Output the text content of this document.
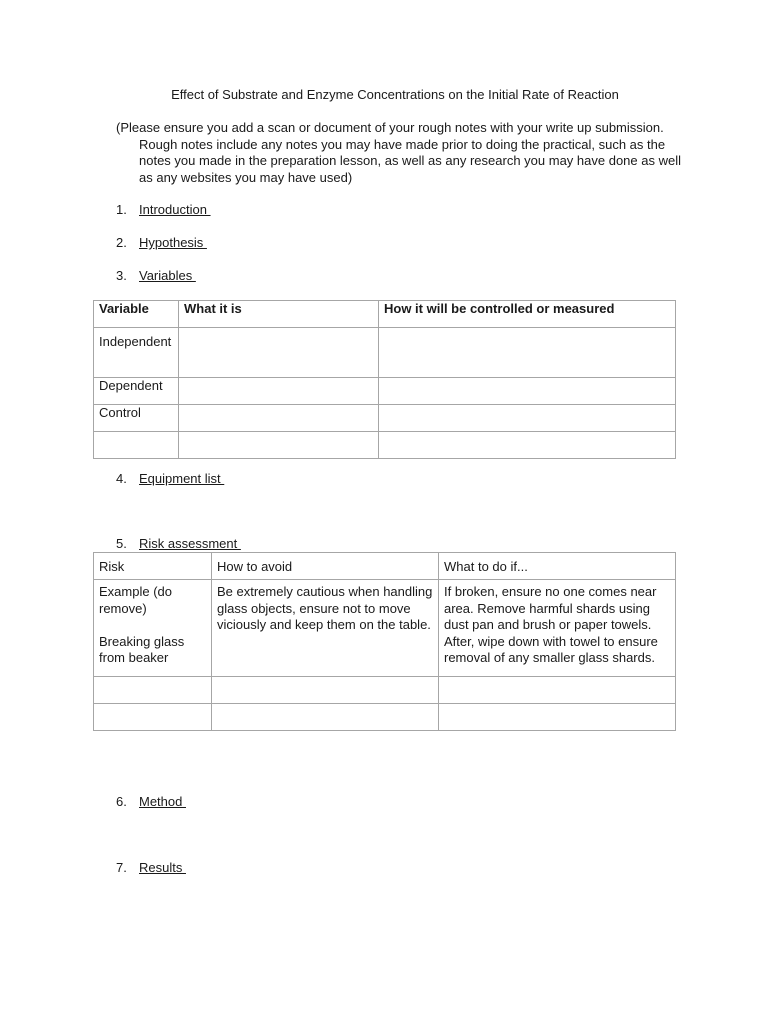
Effect of Substrate and Enzyme Concentrations on the Initial Rate of Reaction
(Please ensure you add a scan or document of your rough notes with your write up submission.
Rough notes include any notes you may have made prior to doing the practical, such as the notes you made in the preparation lesson, as well as any research you may have done as well as any websites you may have used)
1. Introduction
2. Hypothesis
3. Variables
Variable	What it is	How it will be controlled or measured
Independent		
Dependent		
Control		

4. Equipment list
5. Risk assessment
Risk	How to avoid	What to do if...
Example (do remove)
Breaking glass from beaker	Be extremely cautious when handling glass objects, ensure not to move viciously and keep them on the table.	If broken, ensure no one comes near area. Remove harmful shards using dust pan and brush or paper towels. After, wipe down with towel to ensure removal of any smaller glass shards.

6. Method
7. Results
